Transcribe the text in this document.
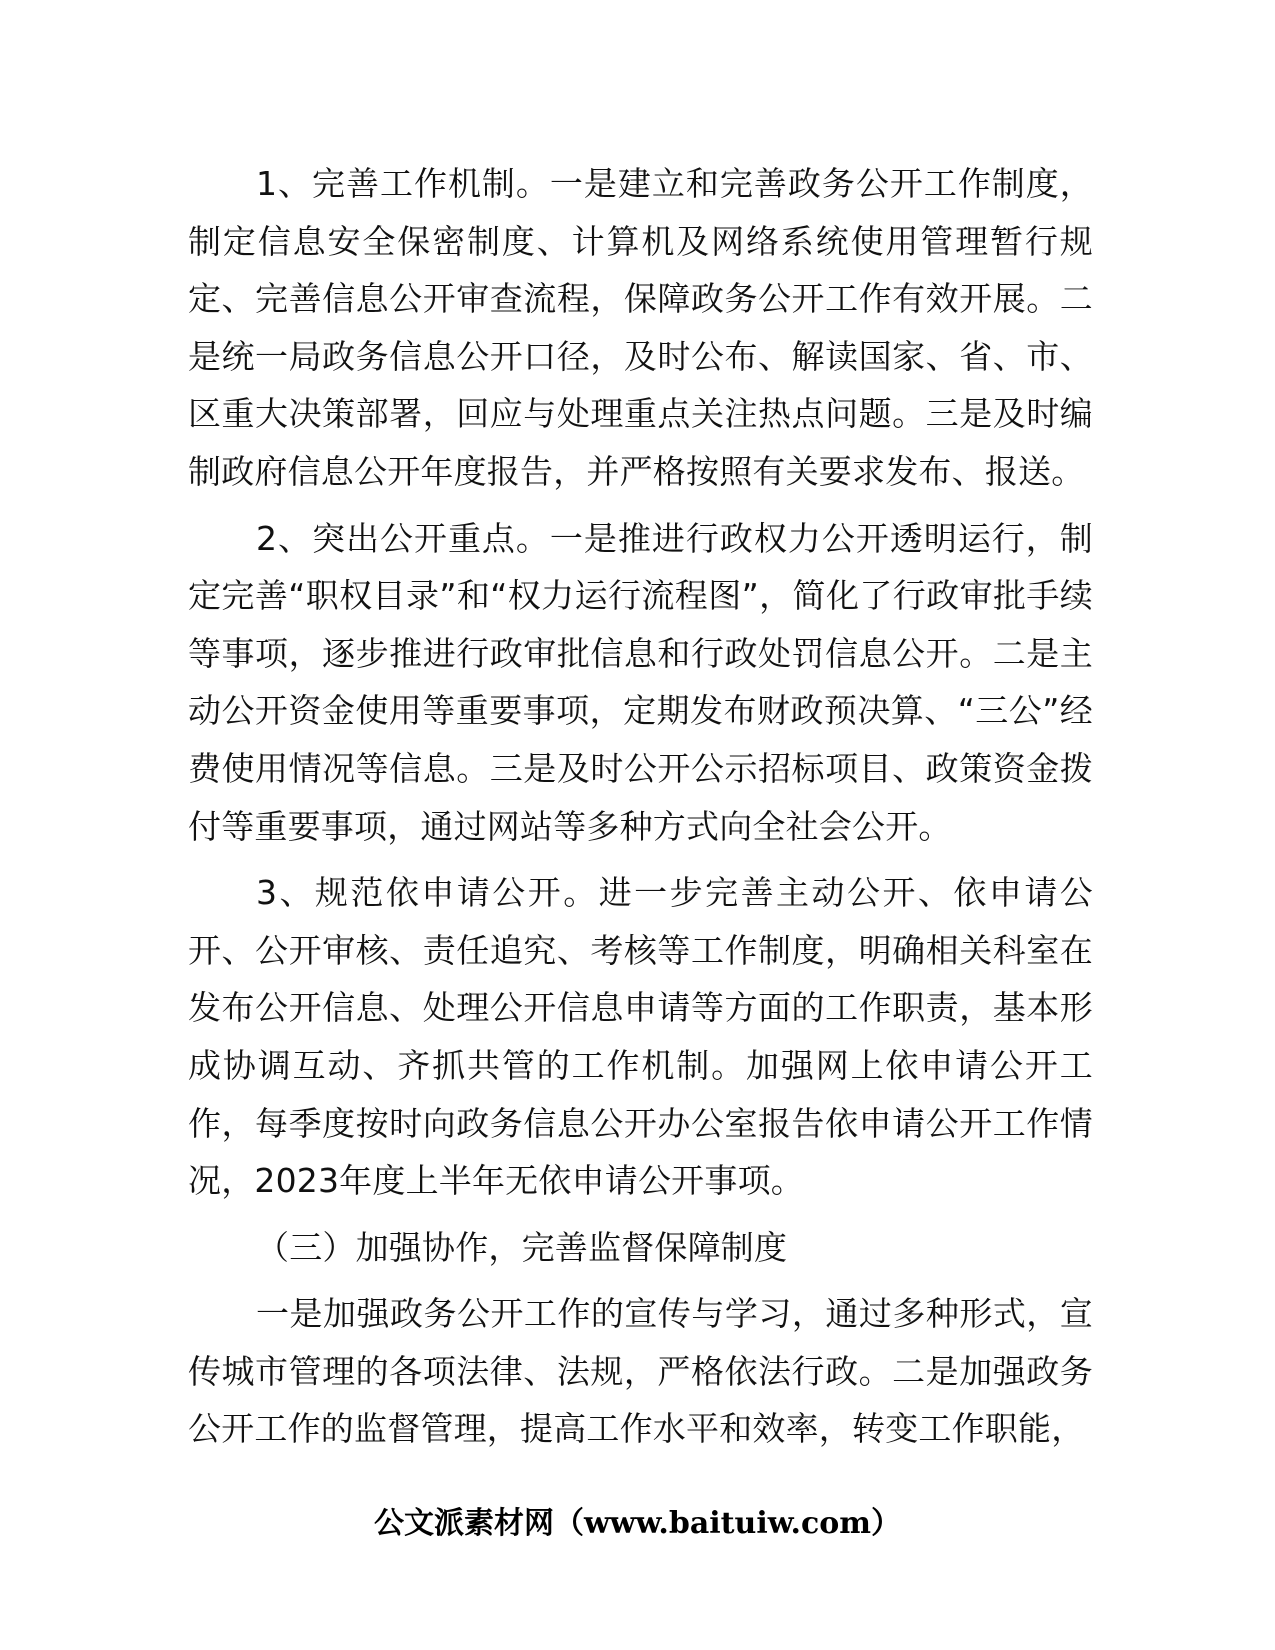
1、完善工作机制。一是建立和完善政务公开工作制度，制定信息安全保密制度、计算机及网络系统使用管理暂行规定、完善信息公开审查流程，保障政务公开工作有效开展。二是统一局政务信息公开口径，及时公布、解读国家、省、市、区重大决策部署，回应与处理重点关注热点问题。三是及时编制政府信息公开年度报告，并严格按照有关要求发布、报送。

2、突出公开重点。一是推进行政权力公开透明运行，制定完善“职权目录”和“权力运行流程图”，简化了行政审批手续等事项，逐步推进行政审批信息和行政处罚信息公开。二是主动公开资金使用等重要事项，定期发布财政预决算、“三公”经费使用情况等信息。三是及时公开公示招标项目、政策资金拨付等重要事项，通过网站等多种方式向全社会公开。

3、规范依申请公开。进一步完善主动公开、依申请公开、公开审核、责任追究、考核等工作制度，明确相关科室在发布公开信息、处理公开信息申请等方面的工作职责，基本形成协调互动、齐抓共管的工作机制。加强网上依申请公开工作，每季度按时向政务信息公开办公室报告依申请公开工作情况，2023年度上半年无依申请公开事项。

（三）加强协作，完善监督保障制度

一是加强政务公开工作的宣传与学习，通过多种形式，宣传城市管理的各项法律、法规，严格依法行政。二是加强政务公开工作的监督管理，提高工作水平和效率，转变工作职能，

公文派素材网（www.baituiw.com）
